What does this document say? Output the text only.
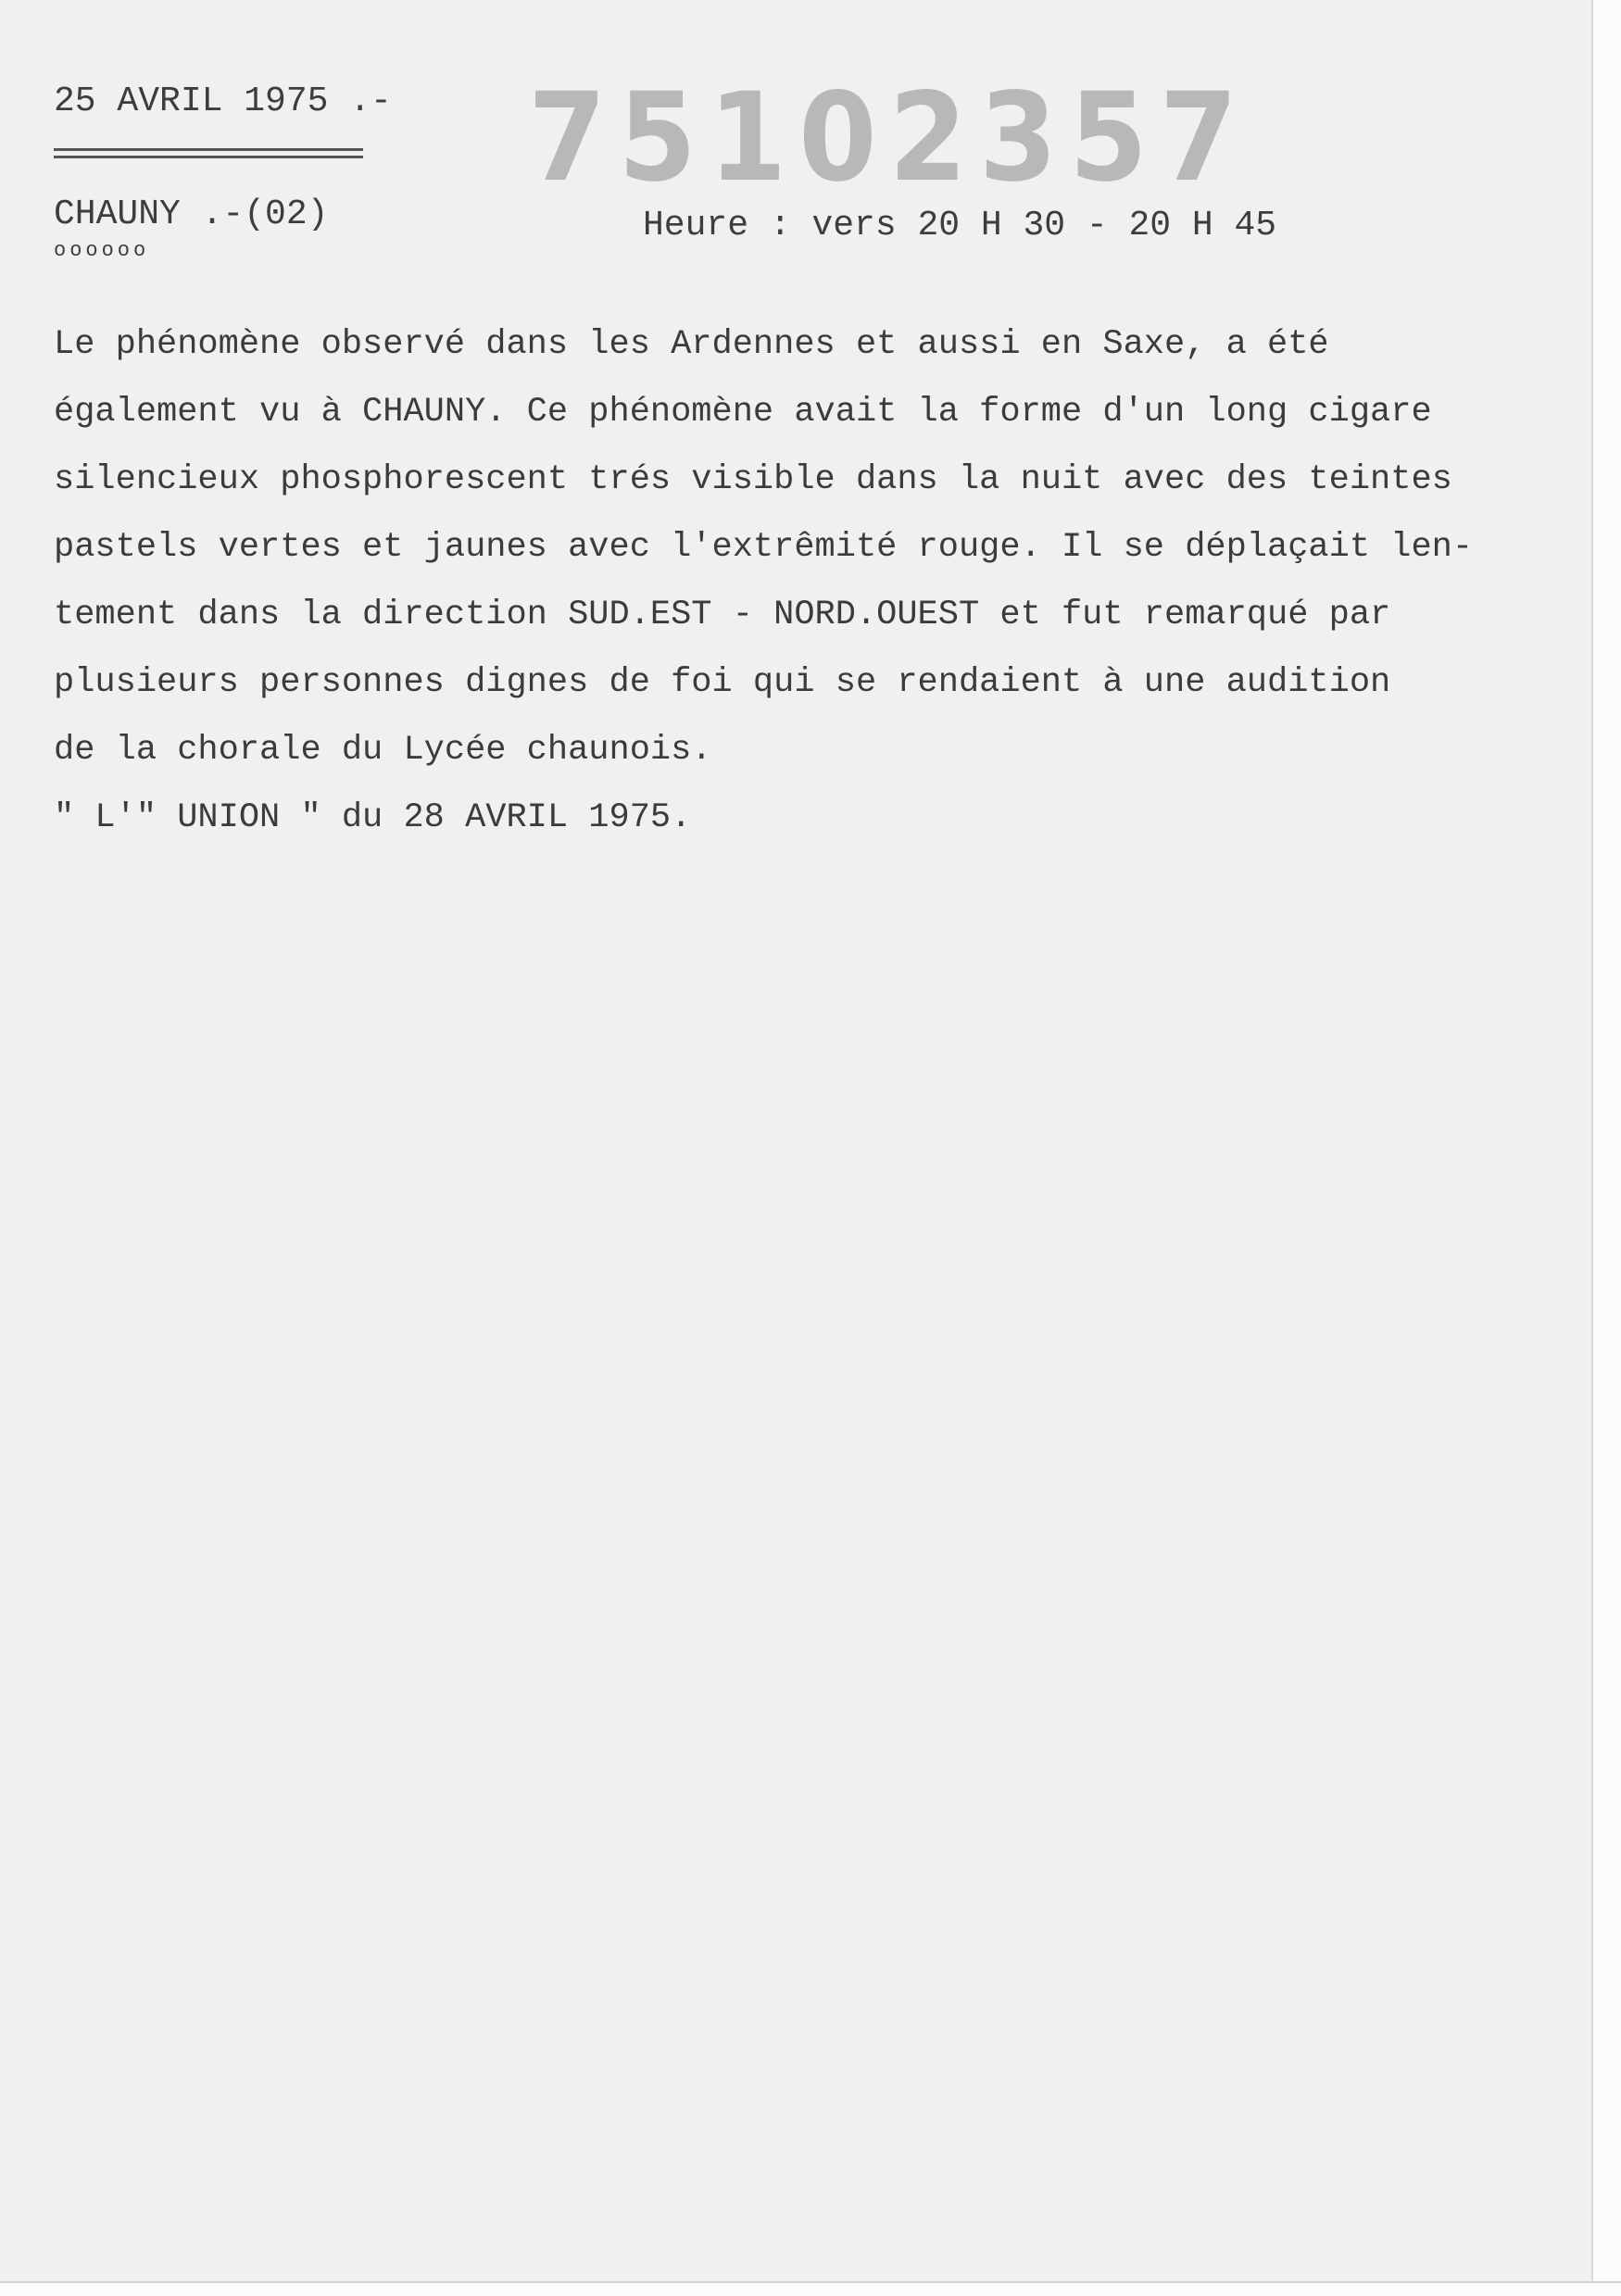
25 AVRIL 1975 .- 75102357
CHAUNY .-(02)
oooooo
Heure : vers 20 H 30 - 20 H 45
Le phénomène observé dans les Ardennes et aussi en Saxe, a été
également vu à CHAUNY. Ce phénomène avait la forme d'un long cigare
silencieux phosphorescent trés visible dans la nuit avec des teintes
pastels vertes et jaunes avec l'extrêmité rouge. Il se déplaçait len-
tement dans la direction SUD.EST - NORD.OUEST et fut remarqué par
plusieurs personnes dignes de foi qui se rendaient à une audition
de la chorale du Lycée chaunois.
" L'" UNION " du 28 AVRIL 1975.
